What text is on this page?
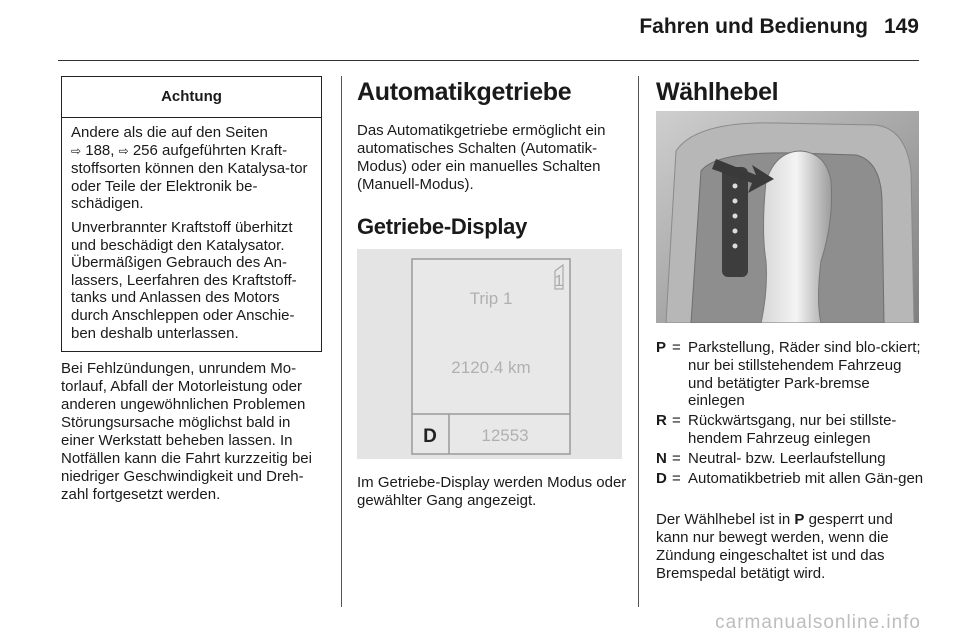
Fahren und Bedienung 149
Achtung

Andere als die auf den Seiten
⇨ 188, ⇨ 256 aufgeführten Kraft- stoffsorten können den Katalysa-tor oder Teile der Elektronik be-schädigen.

Unverbrannter Kraftstoff überhitzt und beschädigt den Katalysator. Übermäßigen Gebrauch des An-lassers, Leerfahren des Kraftstoff-tanks und Anlassen des Motors durch Anschleppen oder Anschie-ben deshalb unterlassen.

Bei Fehlzündungen, unrundem Mo-torlauf, Abfall der Motorleistung oder anderen ungewöhnlichen Problemen Störungsursache möglichst bald in einer Werkstatt beheben lassen. In Notfällen kann die Fahrt kurzzeitig bei niedriger Geschwindigkeit und Dreh-zahl fortgesetzt werden.
Automatikgetriebe
Das Automatikgetriebe ermöglicht ein automatisches Schalten (Automatik-Modus) oder ein manuelles Schalten (Manuell-Modus).
Getriebe-Display
1
Trip 1
2120.4 km
D	12553
Im Getriebe-Display werden Modus oder gewählter Gang angezeigt.
Wählhebel
P = Parkstellung, Räder sind blo-ckiert; nur bei stillstehendem Fahrzeug und betätigter Park-bremse einlegen
R = Rückwärtsgang, nur bei stillste-hendem Fahrzeug einlegen
N = Neutral- bzw. Leerlaufstellung
D = Automatikbetrieb mit allen Gän-gen
Der Wählhebel ist in P gesperrt und kann nur bewegt werden, wenn die Zündung eingeschaltet ist und das Bremspedal betätigt wird.
carmanualsonline.info
